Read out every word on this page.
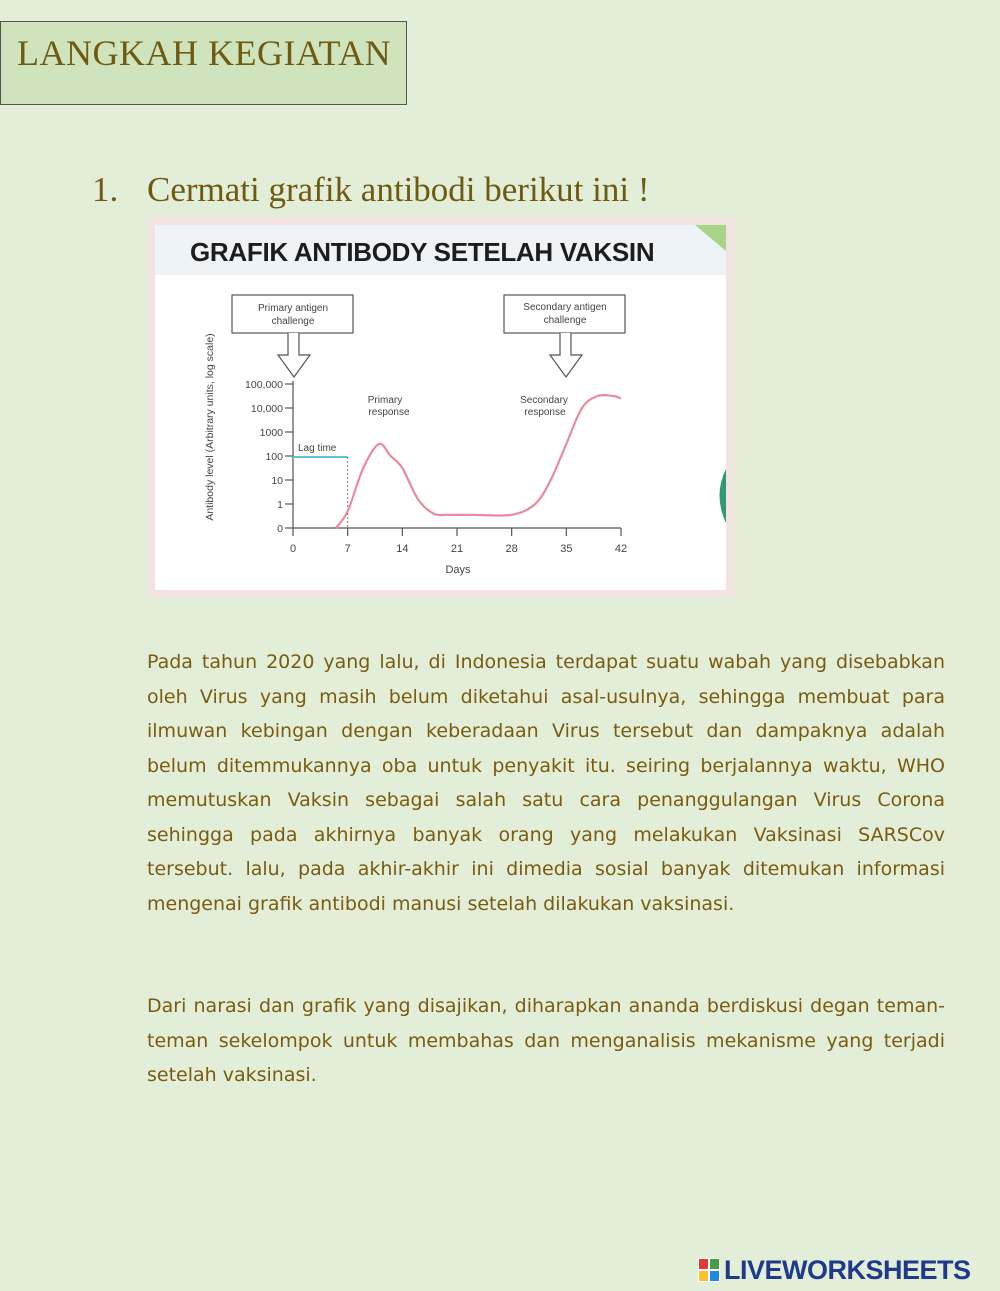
LANGKAH KEGIATAN
1. Cermati grafik antibodi berikut ini !
GRAFIK ANTIBODY SETELAH VAKSIN
Antibody level (Arbitrary units, log scale)
Primary antigen
challenge
Secondary antigen
challenge
Primary
response
Secondary
response
0
1
10
100
1000
10,000
100,000
0	7	14	21	28	35	42
Lag time
Days

Pada tahun 2020 yang lalu, di Indonesia terdapat suatu wabah yang disebabkan oleh Virus yang masih belum diketahui asal-usulnya, sehingga membuat para ilmuwan kebingan dengan keberadaan Virus tersebut dan dampaknya adalah belum ditemmukannya oba untuk penyakit itu. seiring berjalannya waktu, WHO memutuskan Vaksin sebagai salah satu cara penanggulangan Virus Corona sehingga pada akhirnya banyak orang yang melakukan Vaksinasi SARSCov tersebut. lalu, pada akhir-akhir ini dimedia sosial banyak ditemukan informasi mengenai grafik antibodi manusi setelah dilakukan vaksinasi.

Dari narasi dan grafik yang disajikan, diharapkan ananda berdiskusi degan teman-teman sekelompok untuk membahas dan menganalisis mekanisme yang terjadi setelah vaksinasi.

LIVEWORKSHEETS
